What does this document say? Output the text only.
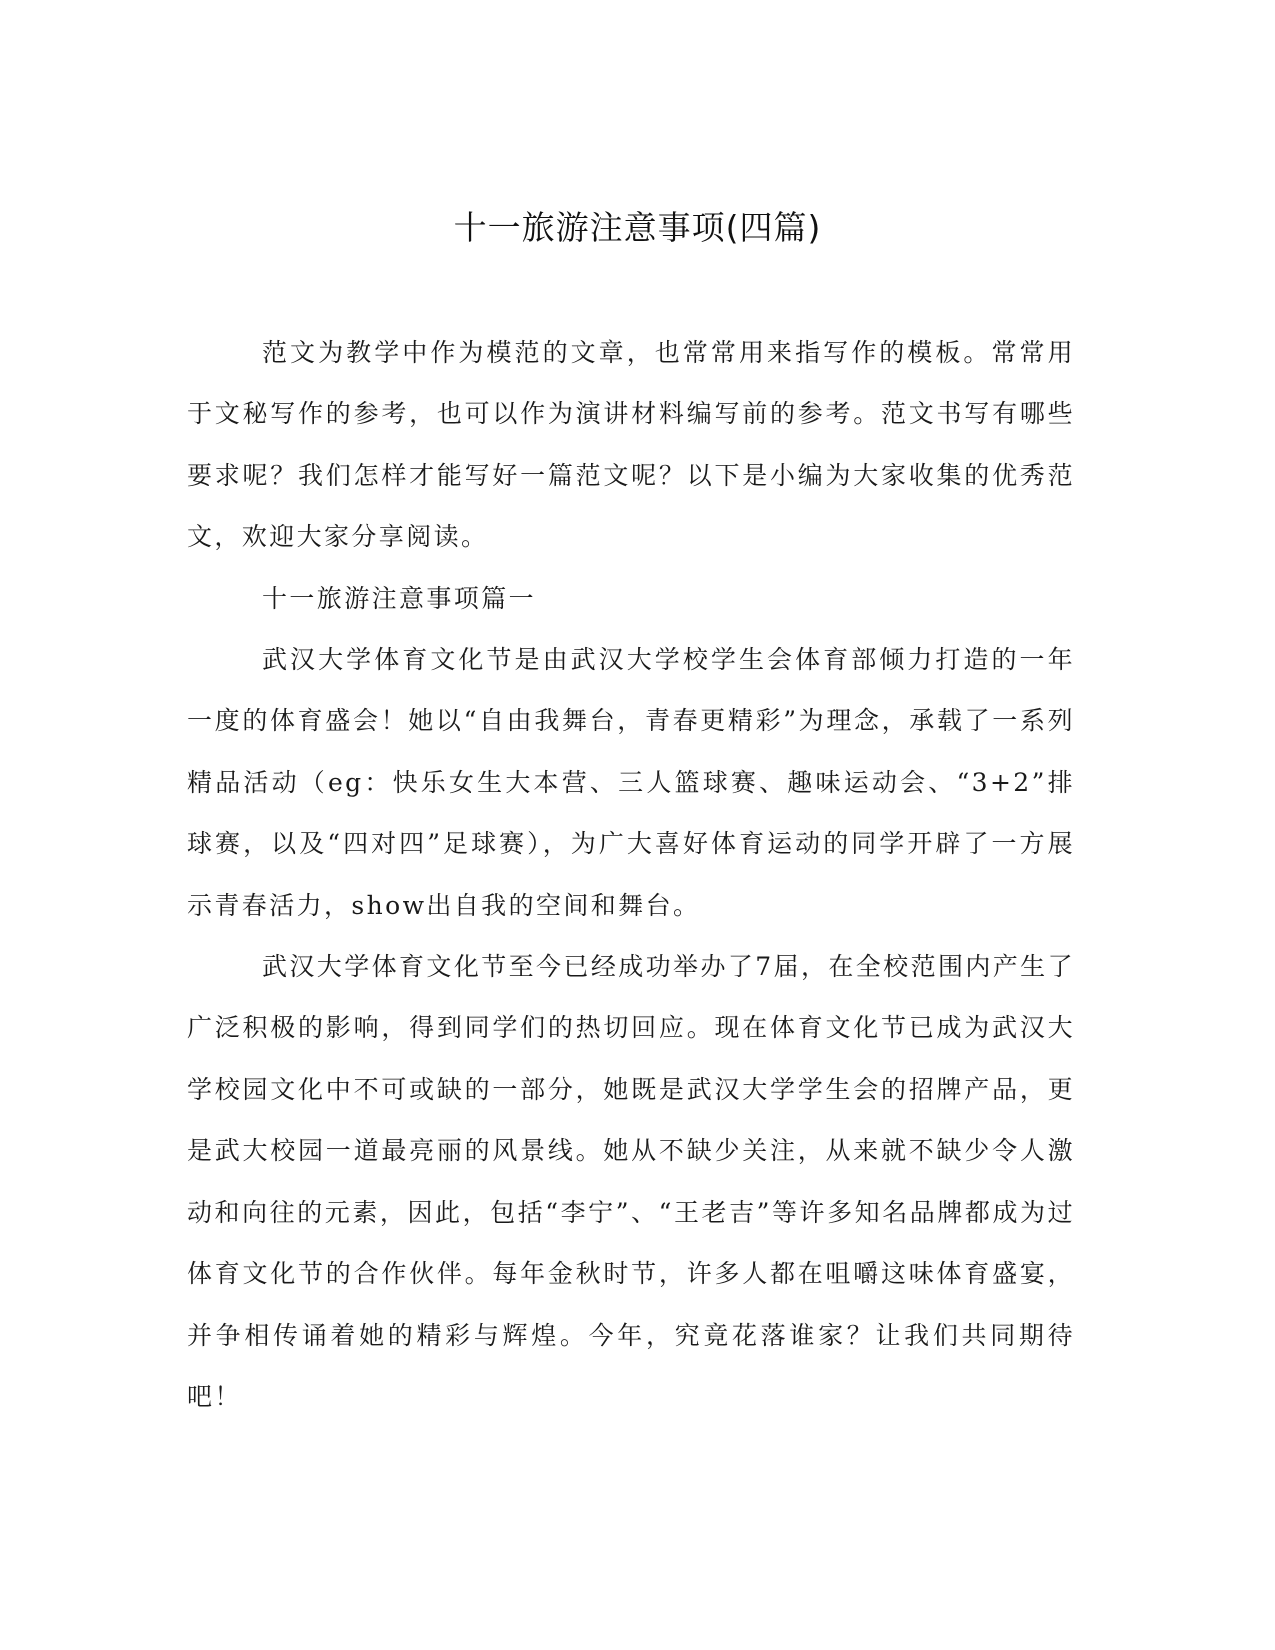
十一旅游注意事项(四篇)

范文为教学中作为模范的文章，也常常用来指写作的模板。常常用于文秘写作的参考，也可以作为演讲材料编写前的参考。范文书写有哪些要求呢？我们怎样才能写好一篇范文呢？以下是小编为大家收集的优秀范文，欢迎大家分享阅读。

十一旅游注意事项篇一

武汉大学体育文化节是由武汉大学校学生会体育部倾力打造的一年一度的体育盛会！她以“自由我舞台，青春更精彩”为理念，承载了一系列精品活动（eg：快乐女生大本营、三人篮球赛、趣味运动会、“3+2”排球赛，以及“四对四”足球赛），为广大喜好体育运动的同学开辟了一方展示青春活力，show出自我的空间和舞台。

武汉大学体育文化节至今已经成功举办了7届，在全校范围内产生了广泛积极的影响，得到同学们的热切回应。现在体育文化节已成为武汉大学校园文化中不可或缺的一部分，她既是武汉大学学生会的招牌产品，更是武大校园一道最亮丽的风景线。她从不缺少关注，从来就不缺少令人激动和向往的元素，因此，包括“李宁”、“王老吉”等许多知名品牌都成为过体育文化节的合作伙伴。每年金秋时节，许多人都在咀嚼这味体育盛宴，并争相传诵着她的精彩与辉煌。今年，究竟花落谁家？让我们共同期待吧！
